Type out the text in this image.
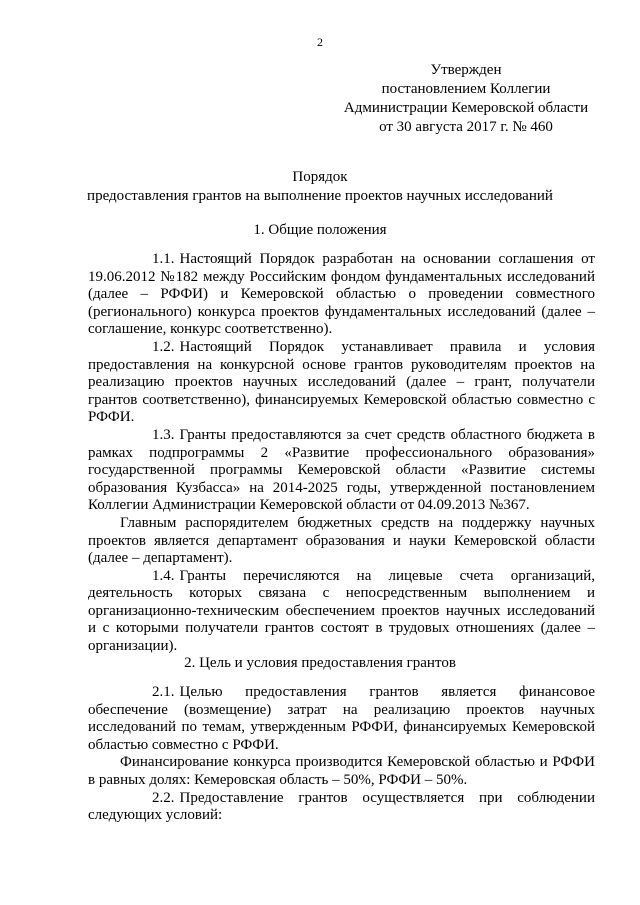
2
Утвержден
постановлением Коллегии
Администрации Кемеровской области
от 30 августа 2017 г. № 460
Порядок
предоставления грантов на выполнение проектов научных исследований
1. Общие положения

1.1. Настоящий Порядок разработан на основании соглашения от 19.06.2012 №182 между Российским фондом фундаментальных исследований (далее – РФФИ) и Кемеровской областью о проведении совместного (регионального) конкурса проектов фундаментальных исследований (далее – соглашение, конкурс соответственно).

1.2. Настоящий Порядок устанавливает правила и условия предоставления на конкурсной основе грантов руководителям проектов на реализацию проектов научных исследований (далее – грант, получатели грантов соответственно), финансируемых Кемеровской областью совместно с РФФИ.

1.3. Гранты предоставляются за счет средств областного бюджета в рамках подпрограммы 2 «Развитие профессионального образования» государственной программы Кемеровской области «Развитие системы образования Кузбасса» на 2014-2025 годы, утвержденной постановлением Коллегии Администрации Кемеровской области от 04.09.2013 №367.

Главным распорядителем бюджетных средств на поддержку научных проектов является департамент образования и науки Кемеровской области (далее – департамент).

1.4. Гранты перечисляются на лицевые счета организаций, деятельность которых связана с непосредственным выполнением и организационно-техническим обеспечением проектов научных исследований и с которыми получатели грантов состоят в трудовых отношениях (далее – организации).

2. Цель и условия предоставления грантов

2.1. Целью предоставления грантов является финансовое обеспечение (возмещение) затрат на реализацию проектов научных исследований по темам, утвержденным РФФИ, финансируемых Кемеровской областью совместно с РФФИ.

Финансирование конкурса производится Кемеровской областью и РФФИ в равных долях: Кемеровская область – 50%, РФФИ – 50%.

2.2. Предоставление грантов осуществляется при соблюдении следующих условий:
